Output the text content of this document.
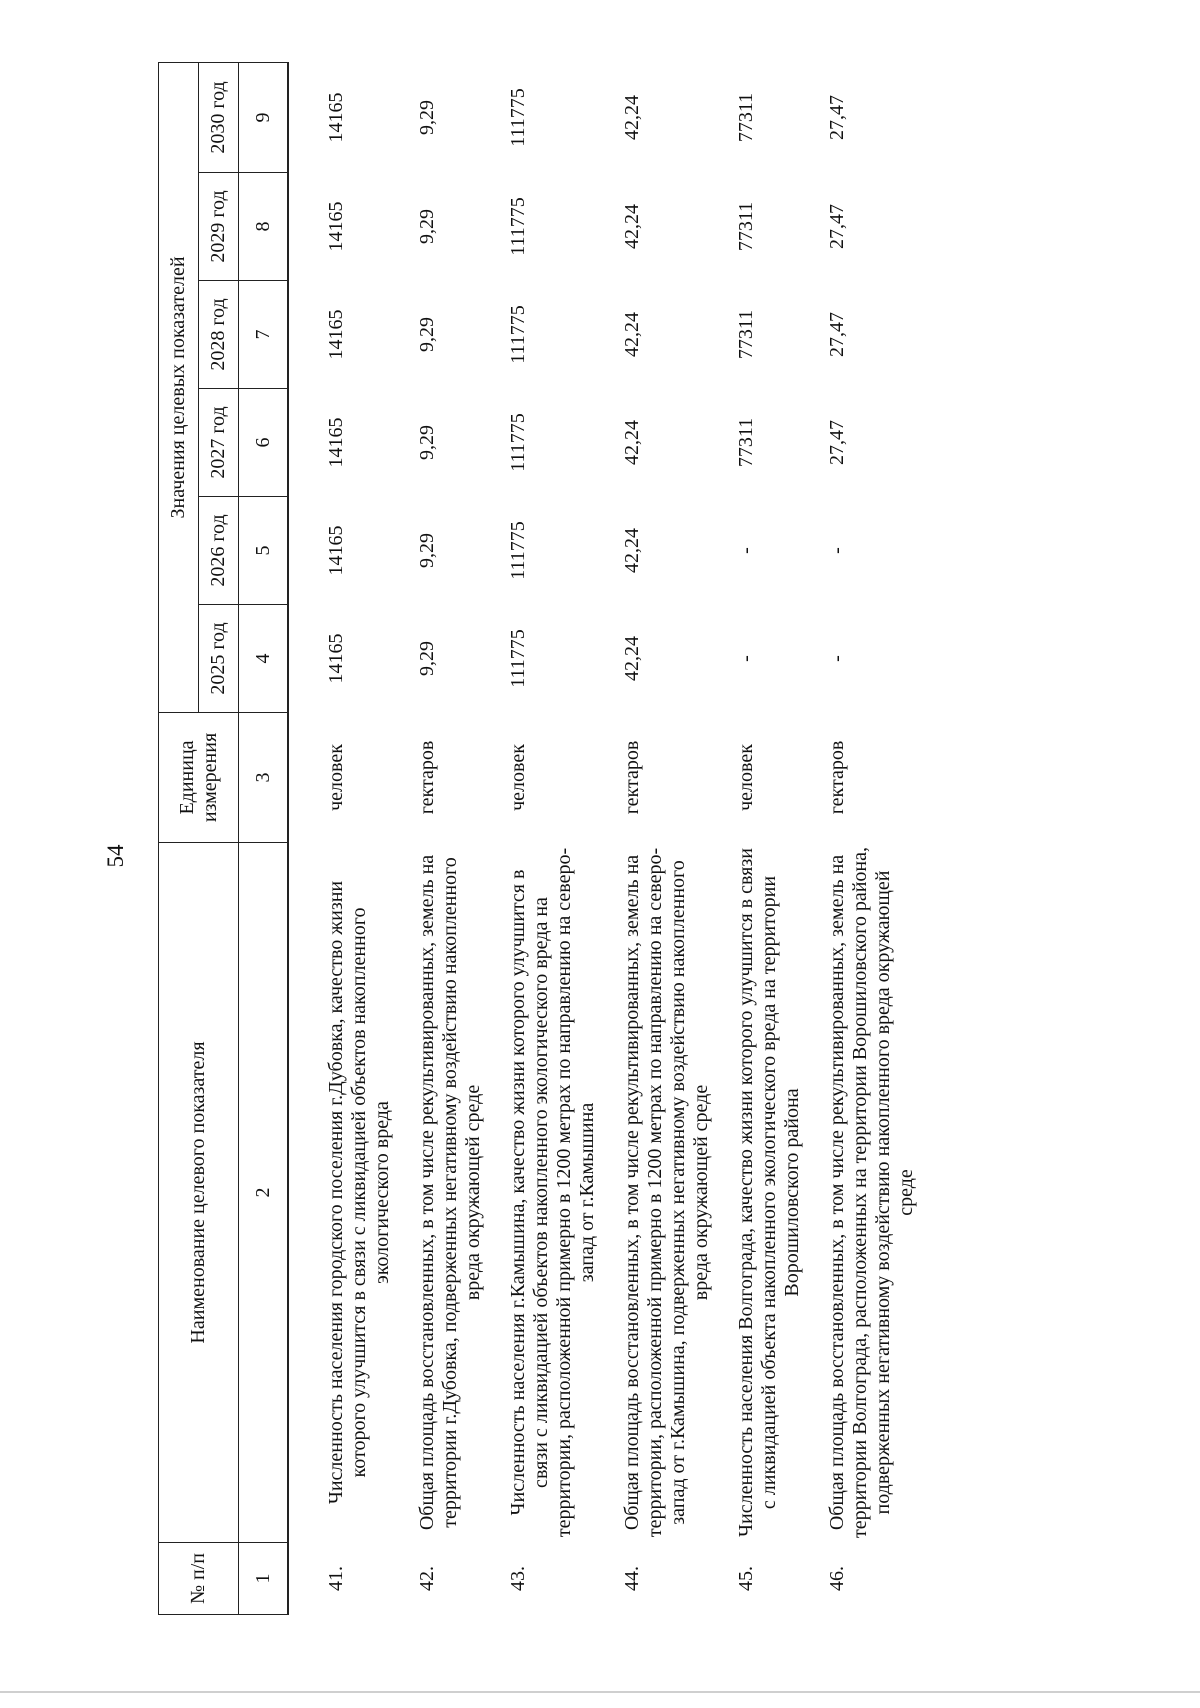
54
№ п/п	Наименование целевого показателя	Единица измерения	Значения целевых показателей					
			2025 год	2026 год	2027 год	2028 год	2029 год	2030 год
1	2	3	4	5	6	7	8	9
41.	Численность населения городского поселения г.Дубовка, качество жизни которого улучшится в связи с ликвидацией объектов накопленного экологического вреда	человек	14165	14165	14165	14165	14165	14165
42.	Общая площадь восстановленных, в том числе рекультивированных, земель на территории г.Дубовка, подверженных негативному воздействию накопленного вреда окружающей среде	гектаров	9,29	9,29	9,29	9,29	9,29	9,29
43.	Численность населения г.Камышина, качество жизни которого улучшится в связи с ликвидацией объектов накопленного экологического вреда на территории, расположенной примерно в 1200 метрах по направлению на северо-запад от г.Камышина	человек	111775	111775	111775	111775	111775	111775
44.	Общая площадь восстановленных, в том числе рекультивированных, земель на территории, расположенной примерно в 1200 метрах по направлению на северо-запад от г.Камышина, подверженных негативному воздействию накопленного вреда окружающей среде	гектаров	42,24	42,24	42,24	42,24	42,24	42,24
45.	Численность населения Волгограда, качество жизни которого улучшится в связи с ликвидацией объекта накопленного экологического вреда на территории Ворошиловского района	человек	-	-	77311	77311	77311	77311
46.	Общая площадь восстановленных, в том числе рекультивированных, земель на территории Волгограда, расположенных на территории Ворошиловского района, подверженных негативному воздействию накопленного вреда окружающей среде	гектаров	-	-	27,47	27,47	27,47	27,47
